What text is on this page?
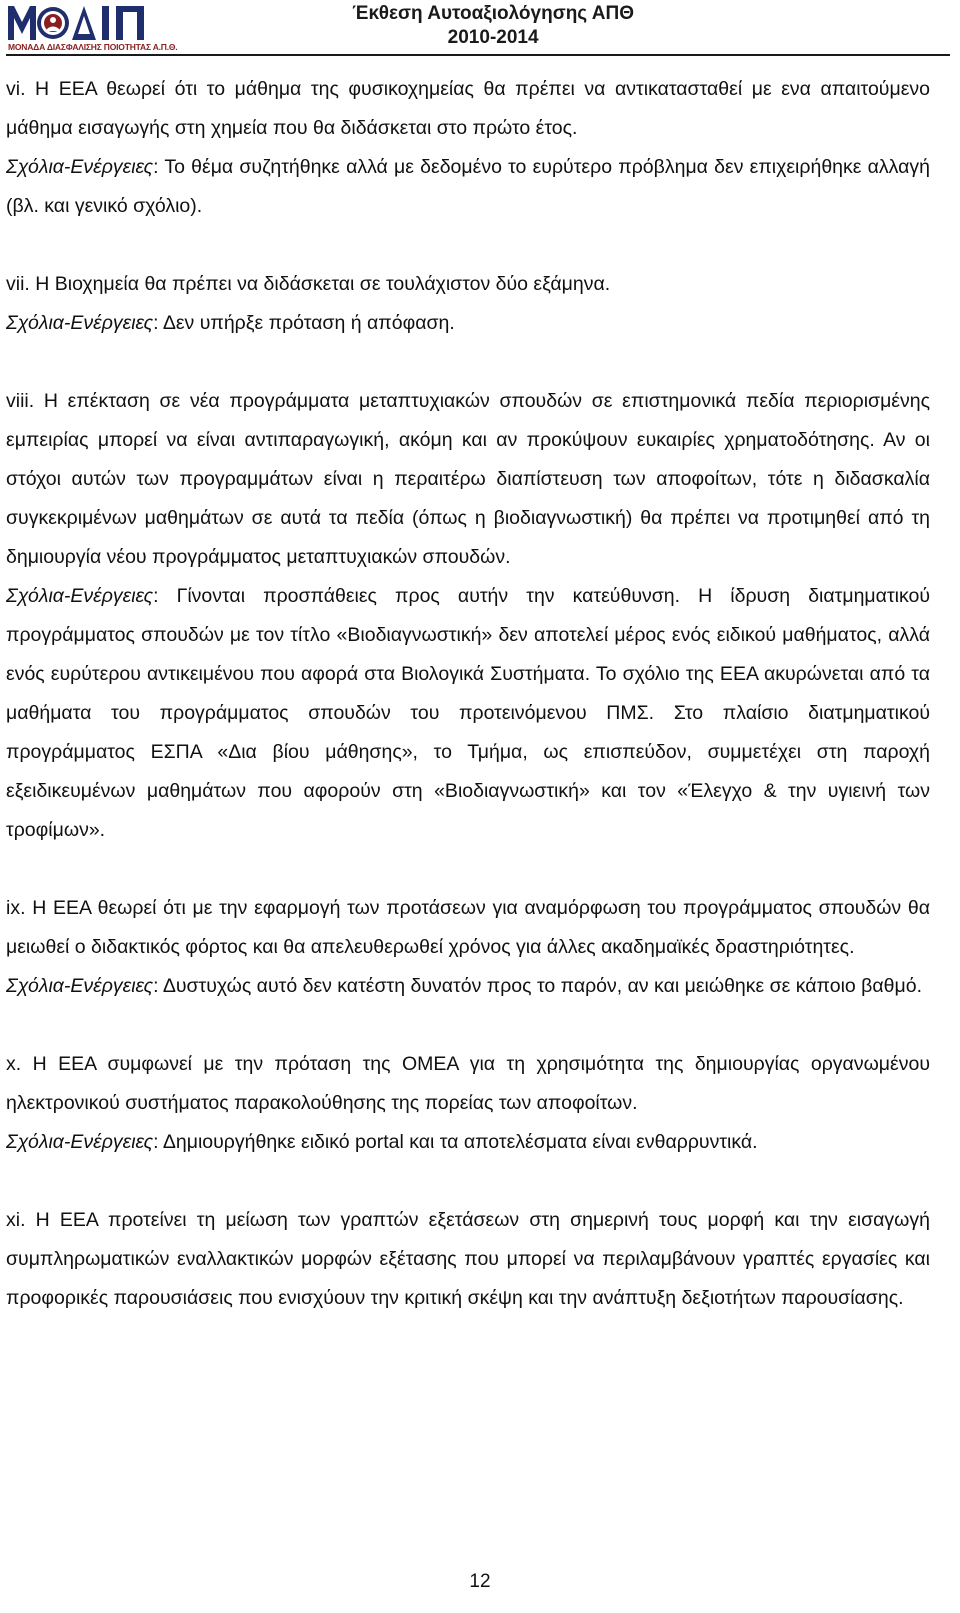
ΜΟΝΑΔΑ ΔΙΑΣΦΑΛΙΣΗΣ ΠΟΙΟΤΗΤΑΣ Α.Π.Θ.
Έκθεση Αυτοαξιολόγησης ΑΠΘ
2010-2014

vi. Η ΕΕΑ θεωρεί ότι το μάθημα της φυσικοχημείας θα πρέπει να αντικατασταθεί με ενα απαιτούμενο μάθημα εισαγωγής στη χημεία που θα διδάσκεται στο πρώτο έτος.

Σχόλια-Ενέργειες: Το θέμα συζητήθηκε αλλά με δεδομένο το ευρύτερο πρόβλημα δεν επιχειρήθηκε αλλαγή (βλ. και γενικό σχόλιο).

vii. Η Βιοχημεία θα πρέπει να διδάσκεται σε τουλάχιστον δύο εξάμηνα.

Σχόλια-Ενέργειες: Δεν υπήρξε πρόταση ή απόφαση.

viii. Η επέκταση σε νέα προγράμματα μεταπτυχιακών σπουδών σε επιστημονικά πεδία περιορισμένης εμπειρίας μπορεί να είναι αντιπαραγωγική, ακόμη και αν προκύψουν ευκαιρίες χρηματοδότησης. Αν οι στόχοι αυτών των προγραμμάτων είναι η περαιτέρω διαπίστευση των αποφοίτων, τότε η διδασκαλία συγκεκριμένων μαθημάτων σε αυτά τα πεδία (όπως η βιοδιαγνωστική) θα πρέπει να προτιμηθεί από τη δημιουργία νέου προγράμματος μεταπτυχιακών σπουδών.

Σχόλια-Ενέργειες: Γίνονται προσπάθειες προς αυτήν την κατεύθυνση. Η ίδρυση διατμηματικού προγράμματος σπουδών με τον τίτλο «Βιοδιαγνωστική» δεν αποτελεί μέρος ενός ειδικού μαθήματος, αλλά ενός ευρύτερου αντικειμένου που αφορά στα Βιολογικά Συστήματα. Το σχόλιο της ΕΕΑ ακυρώνεται από τα μαθήματα του προγράμματος σπουδών του προτεινόμενου ΠΜΣ. Στο πλαίσιο διατμηματικού προγράμματος ΕΣΠΑ «Δια βίου μάθησης», το Τμήμα, ως επισπεύδον, συμμετέχει στη παροχή εξειδικευμένων μαθημάτων που αφορούν στη «Βιοδιαγνωστική» και τον «Έλεγχο & την υγιεινή των τροφίμων».

ix. Η ΕΕΑ θεωρεί ότι με την εφαρμογή των προτάσεων για αναμόρφωση του προγράμματος σπουδών θα μειωθεί ο διδακτικός φόρτος και θα απελευθερωθεί χρόνος για άλλες ακαδημαϊκές δραστηριότητες.

Σχόλια-Ενέργειες: Δυστυχώς αυτό δεν κατέστη δυνατόν προς το παρόν, αν και μειώθηκε σε κάποιο βαθμό.

x. Η ΕΕΑ συμφωνεί με την πρόταση της ΟΜΕΑ για τη χρησιμότητα της δημιουργίας οργανωμένου ηλεκτρονικού συστήματος παρακολούθησης της πορείας των αποφοίτων.

Σχόλια-Ενέργειες: Δημιουργήθηκε ειδικό portal και τα αποτελέσματα είναι ενθαρρυντικά.

xi. Η ΕΕΑ προτείνει τη μείωση των γραπτών εξετάσεων στη σημερινή τους μορφή και την εισαγωγή συμπληρωματικών εναλλακτικών μορφών εξέτασης που μπορεί να περιλαμβάνουν γραπτές εργασίες και προφορικές παρουσιάσεις που ενισχύουν την κριτική σκέψη και την ανάπτυξη δεξιοτήτων παρουσίασης.

12
